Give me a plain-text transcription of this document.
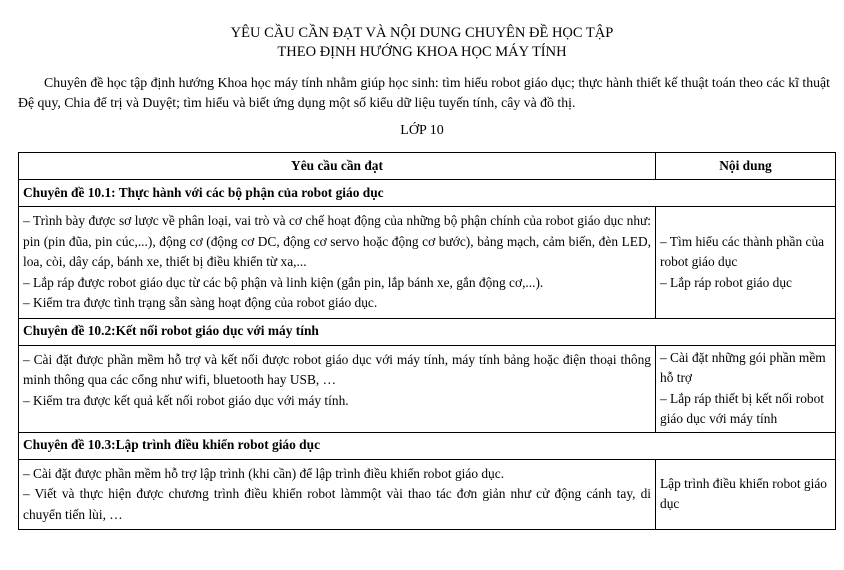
YÊU CẦU CẦN ĐẠT VÀ NỘI DUNG CHUYÊN ĐỀ HỌC TẬP
THEO ĐỊNH HƯỚNG KHOA HỌC MÁY TÍNH
Chuyên đề học tập định hướng Khoa học máy tính nhằm giúp học sinh: tìm hiểu robot giáo dục; thực hành thiết kế thuật toán theo các kĩ thuật Đệ quy, Chia để trị và Duyệt; tìm hiểu và biết ứng dụng một số kiểu dữ liệu tuyến tính, cây và đồ thị.
LỚP 10
Yêu cầu cần đạt	Nội dung
Chuyên đề 10.1: Thực hành với các bộ phận của robot giáo dục	

– Trình bày được sơ lược về phân loại, vai trò và cơ chế hoạt động của những bộ phận chính của robot giáo dục như: pin (pin đũa, pin cúc,...), động cơ (động cơ DC, động cơ servo hoặc động cơ bước), bảng mạch, cảm biến, đèn LED, loa, còi, dây cáp, bánh xe, thiết bị điều khiển từ xa,...
– Lắp ráp được robot giáo dục từ các bộ phận và linh kiện (gắn pin, lắp bánh xe, gắn động cơ,...).
– Kiểm tra được tình trạng sẵn sàng hoạt động của robot giáo dục.	– Tìm hiểu các thành phần của robot giáo dục
– Lắp ráp robot giáo dục

Chuyên đề 10.2:Kết nối robot giáo dục với máy tính	

– Cài đặt được phần mềm hỗ trợ và kết nối được robot giáo dục với máy tính, máy tính bảng hoặc điện thoại thông minh thông qua các cổng như wifi, bluetooth hay USB, …
– Kiểm tra được kết quả kết nối robot giáo dục với máy tính.	– Cài đặt những gói phần mềm hỗ trợ
– Lắp ráp thiết bị kết nối robot giáo dục với máy tính

Chuyên đề 10.3:Lập trình điều khiển robot giáo dục	

– Cài đặt được phần mềm hỗ trợ lập trình (khi cần) để lập trình điều khiển robot giáo dục.
– Viết và thực hiện được chương trình điều khiển robot làmmột vài thao tác đơn giản như cử động cánh tay, di chuyển tiến lùi, …	Lập trình điều khiển robot giáo dục
